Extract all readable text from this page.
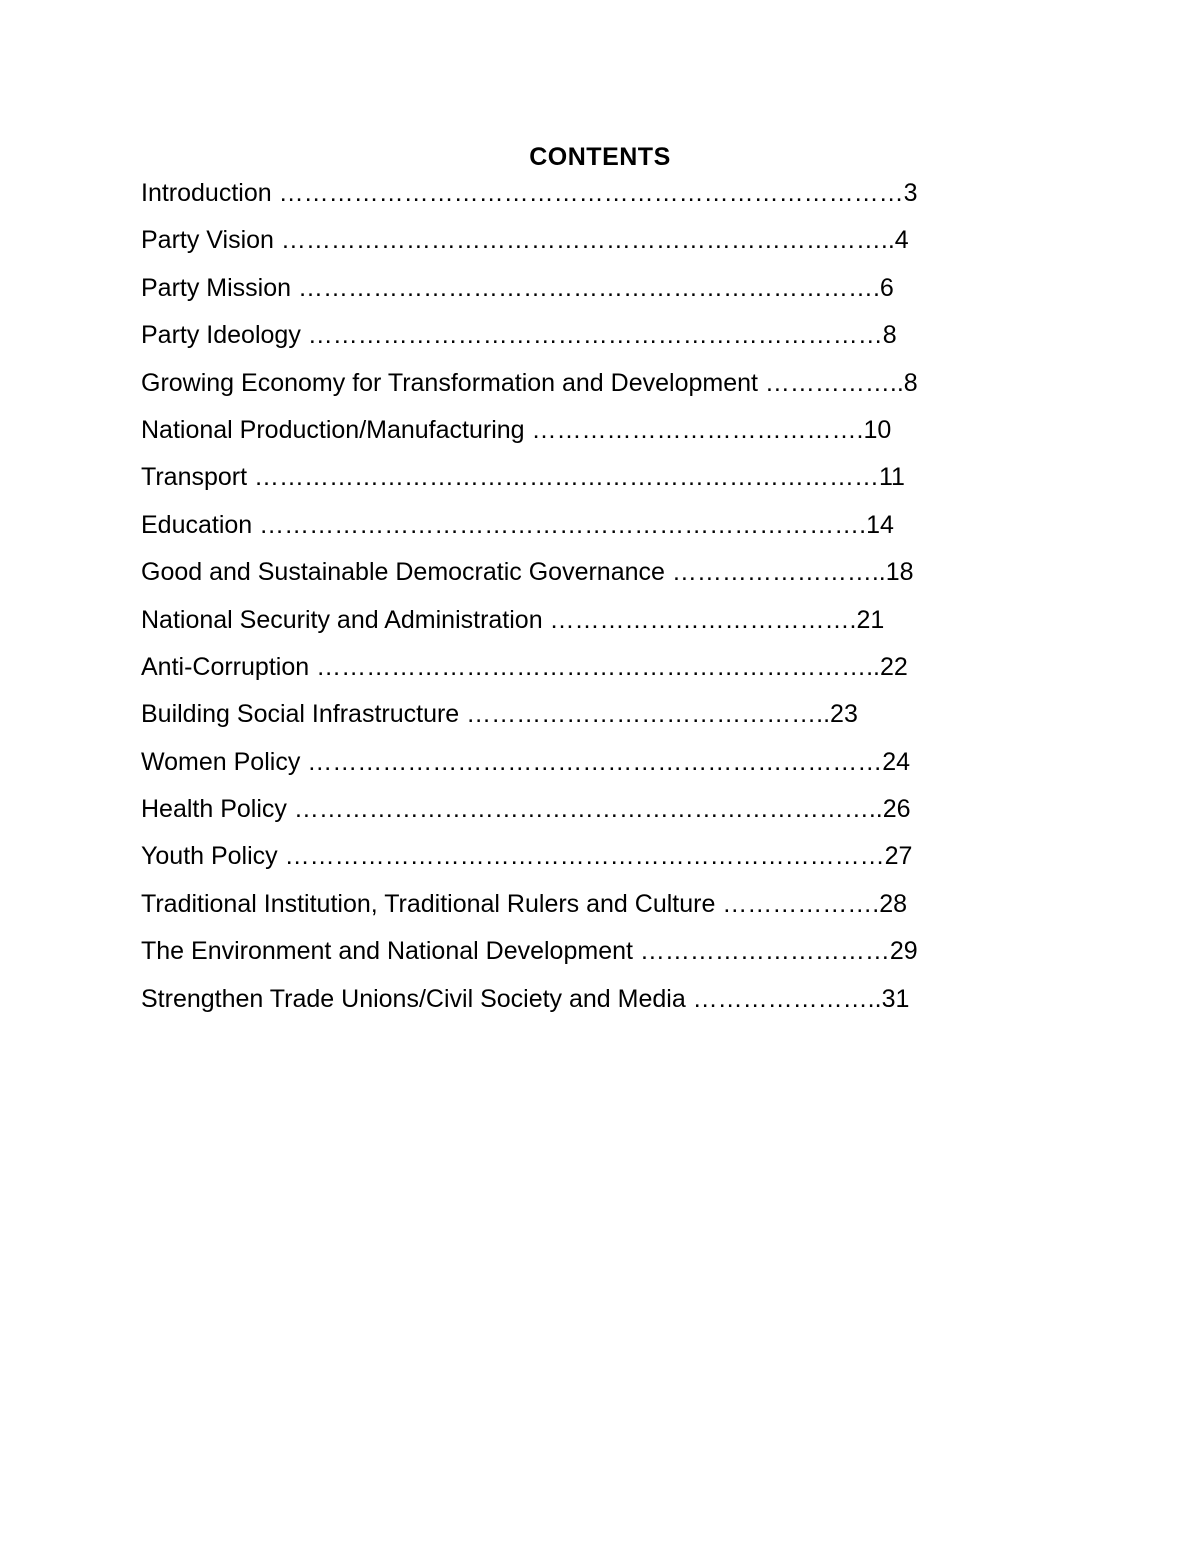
CONTENTS
Introduction …………………………………………………………………3
Party Vision ………………………………………………………………..4
Party Mission …………………………………………………………….6
Party Ideology ……………………………………………………………8
Growing Economy for Transformation and Development ……………..8
National Production/Manufacturing ………………………………….10
Transport …………………………………………………………………11
Education ……………………………………………………………….14
Good and Sustainable Democratic Governance ……………………..18
National Security and Administration ……………………………….21
Anti-Corruption …………………………………………………………..22
Building Social Infrastructure ……………………………………..23
Women Policy ……………………………………………………………24
Health Policy ……………………………………………………………..26
Youth Policy ………………………………………………………………27
Traditional Institution, Traditional Rulers and Culture ……………….28
The Environment and National Development …………………………29
Strengthen Trade Unions/Civil Society and Media …………………..31
